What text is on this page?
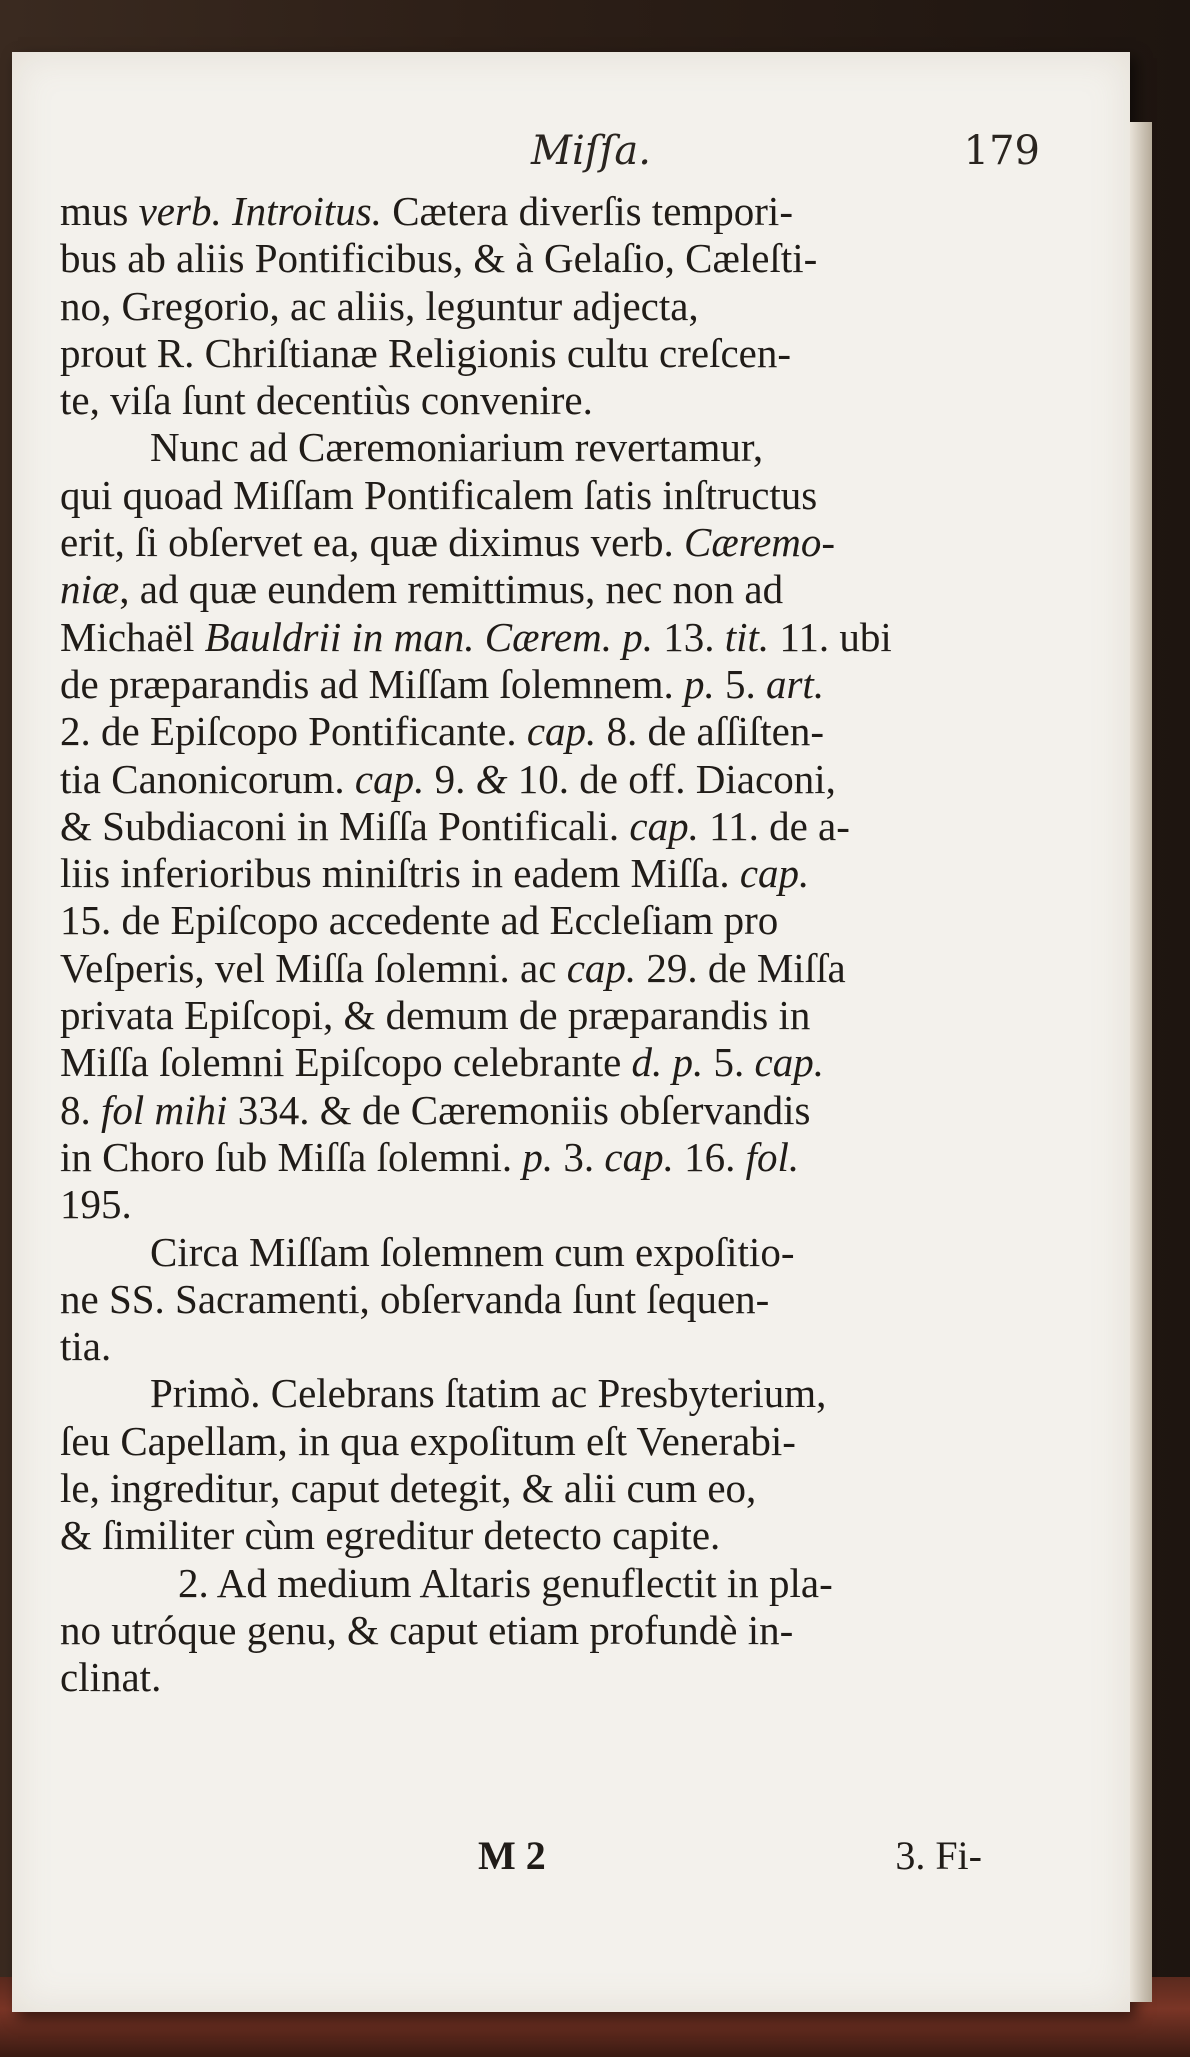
Miſſa.	179
mus verb. Introitus. Cætera diverſis tempori-
bus ab aliis Pontificibus, & à Gelaſio, Cæleſti-
no, Gregorio, ac aliis, leguntur adjecta,
prout R. Chriſtianæ Religionis cultu creſcen-
te, viſa ſunt decentiùs convenire.
Nunc ad Cæremoniarium revertamur,
qui quoad Miſſam Pontificalem ſatis inſtructus
erit, ſi obſervet ea, quæ diximus verb. Cæremo-
niæ, ad quæ eundem remittimus, nec non ad
Michaël Bauldrii in man. Cærem. p. 13. tit. 11. ubi
de præparandis ad Miſſam ſolemnem. p. 5. art.
2. de Epiſcopo Pontificante. cap. 8. de aſſiſten-
tia Canonicorum. cap. 9. & 10. de off. Diaconi,
& Subdiaconi in Miſſa Pontificali. cap. 11. de a-
liis inferioribus miniſtris in eadem Miſſa. cap.
15. de Epiſcopo accedente ad Eccleſiam pro
Veſperis, vel Miſſa ſolemni. ac cap. 29. de Miſſa
privata Epiſcopi, & demum de præparandis in
Miſſa ſolemni Epiſcopo celebrante d. p. 5. cap.
8. fol mihi 334. & de Cæremoniis obſervandis
in Choro ſub Miſſa ſolemni. p. 3. cap. 16. fol.
195.
Circa Miſſam ſolemnem cum expoſitio-
ne SS. Sacramenti, obſervanda ſunt ſequen-
tia.
Primò. Celebrans ſtatim ac Presbyterium,
ſeu Capellam, in qua expoſitum eſt Venerabi-
le, ingreditur, caput detegit, & alii cum eo,
& ſimiliter cùm egreditur detecto capite.
2. Ad medium Altaris genuflectit in pla-
no utróque genu, & caput etiam profundè in-
clinat.
M 2	3. Fi-
